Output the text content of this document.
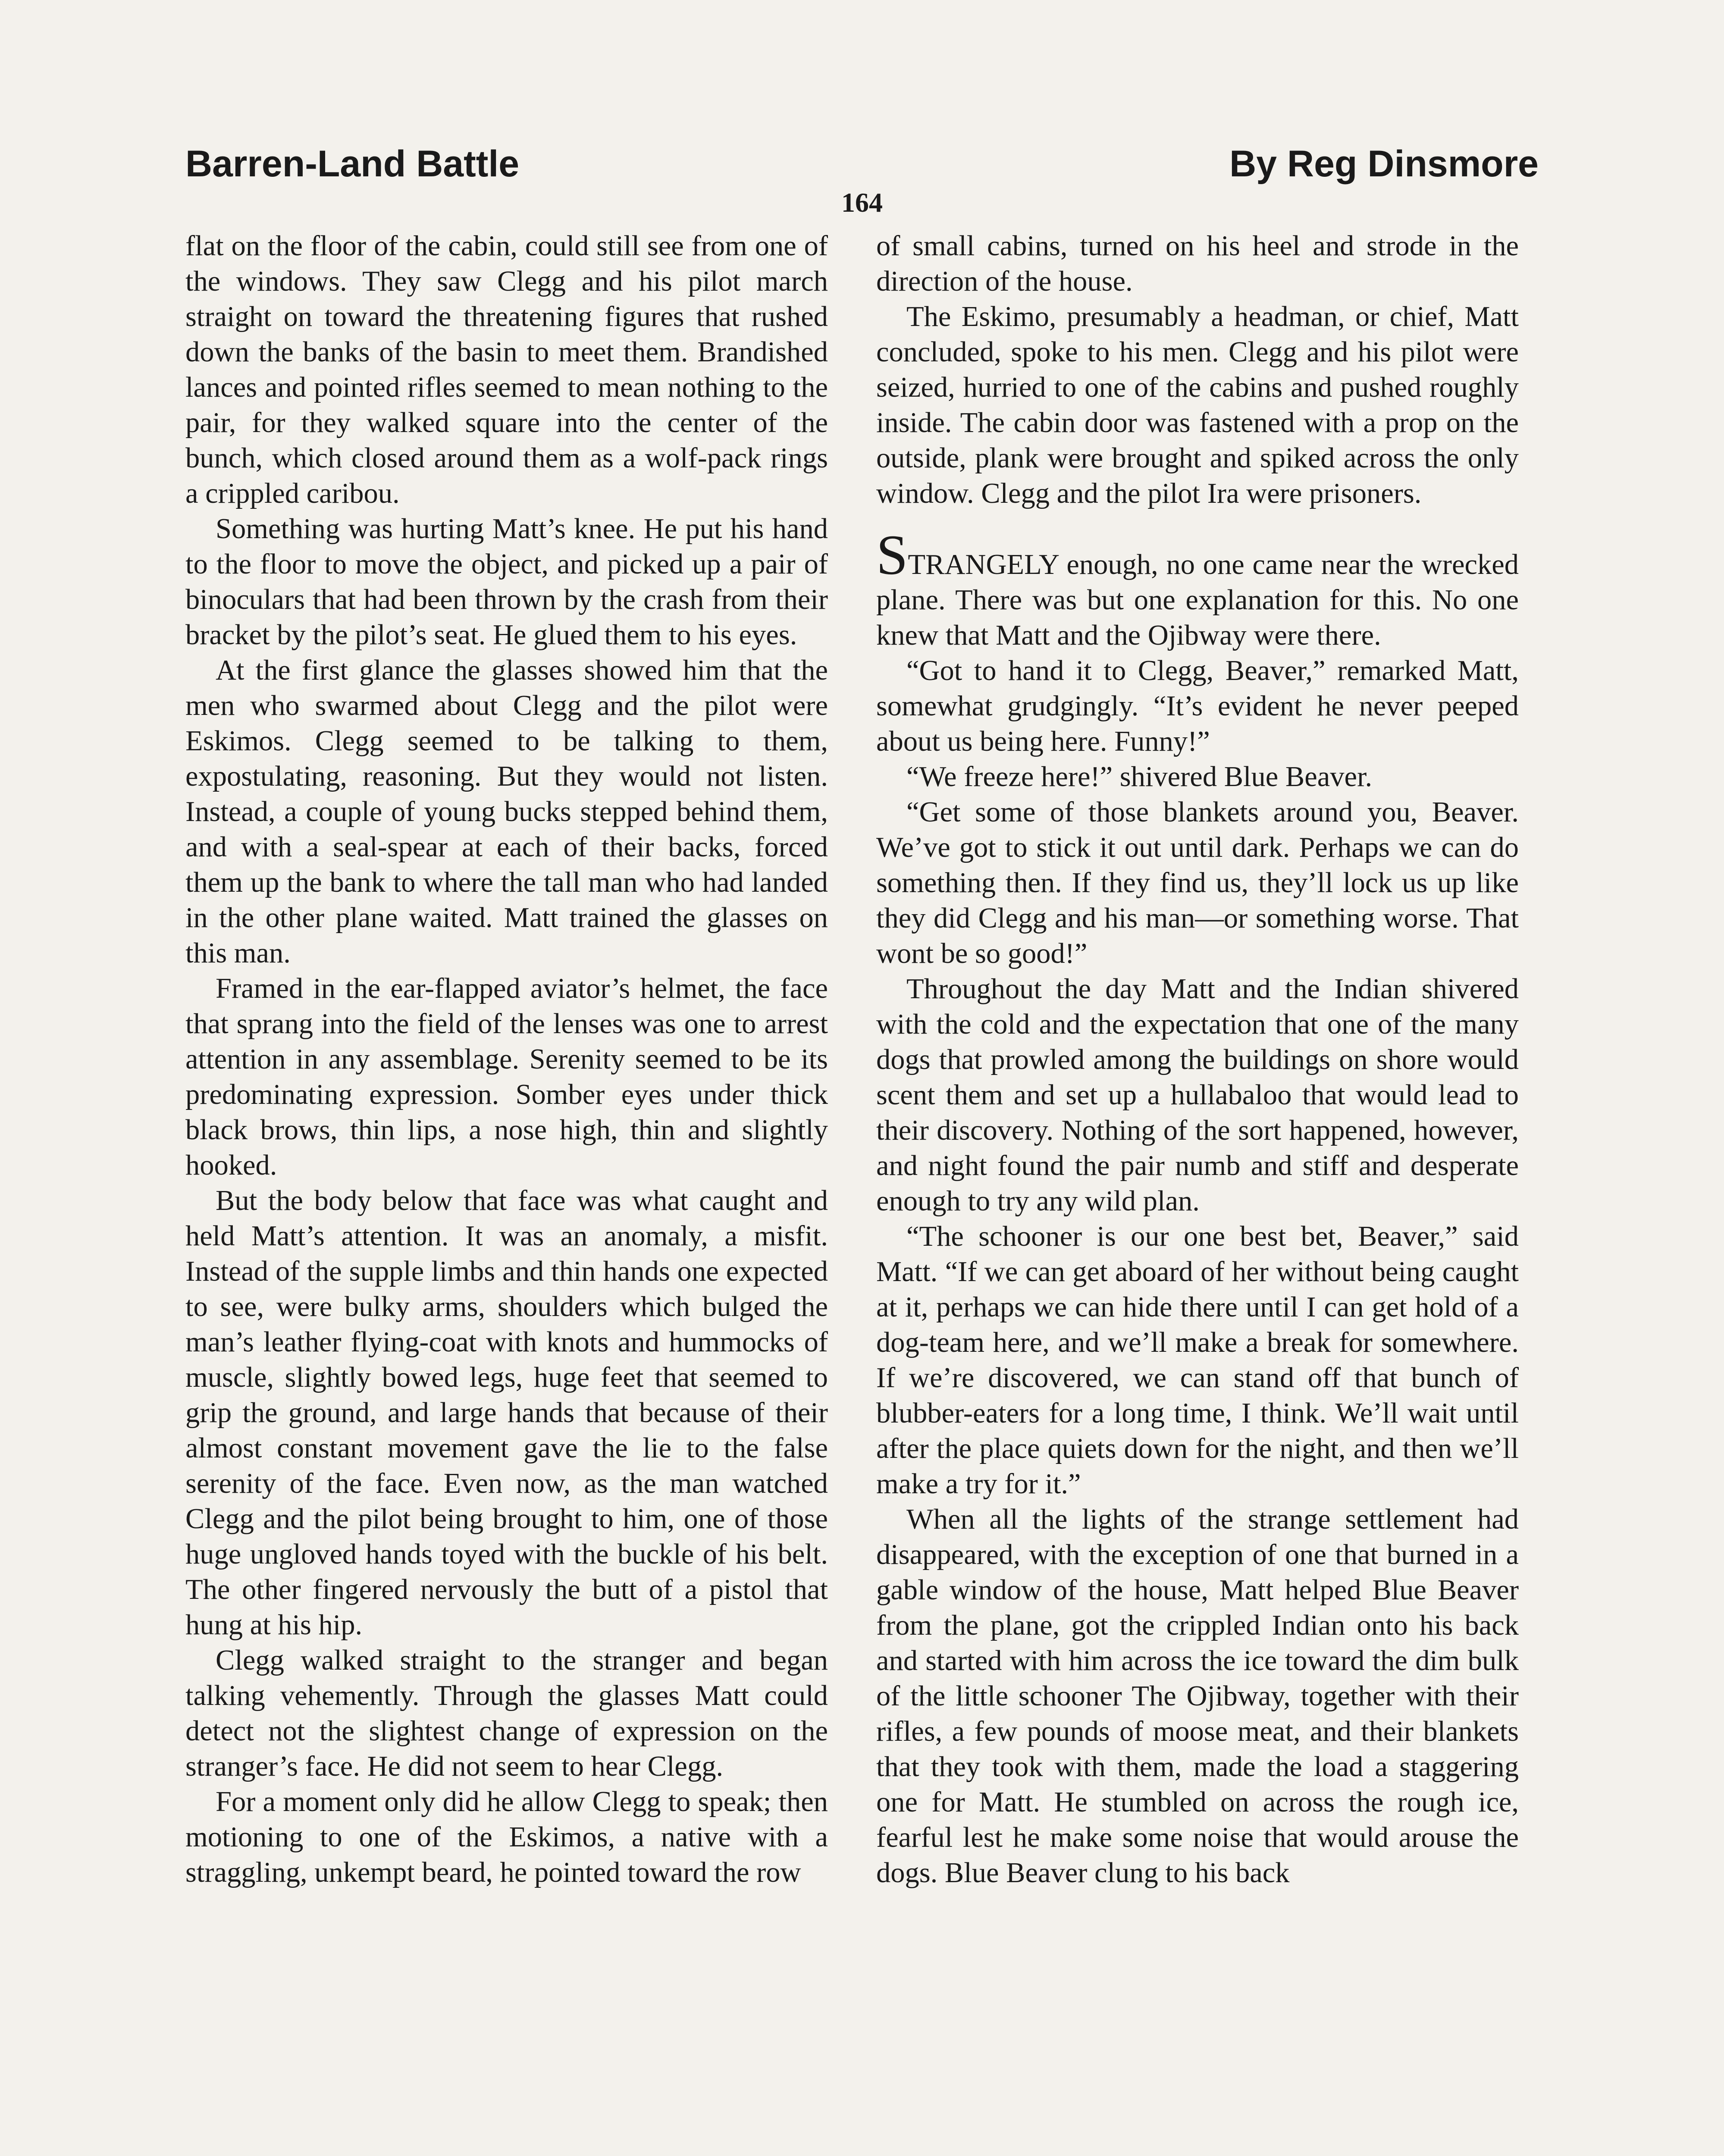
Barren-Land Battle	By Reg Dinsmore
164

flat on the floor of the cabin, could still see from one of the windows. They saw Clegg and his pilot march straight on toward the threatening figures that rushed down the banks of the basin to meet them. Brandished lances and pointed rifles seemed to mean nothing to the pair, for they walked square into the center of the bunch, which closed around them as a wolf-pack rings a crippled caribou.

Something was hurting Matt’s knee. He put his hand to the floor to move the object, and picked up a pair of binoculars that had been thrown by the crash from their bracket by the pilot’s seat. He glued them to his eyes.

At the first glance the glasses showed him that the men who swarmed about Clegg and the pilot were Eskimos. Clegg seemed to be talking to them, expostulating, reasoning. But they would not listen. Instead, a couple of young bucks stepped behind them, and with a seal-spear at each of their backs, forced them up the bank to where the tall man who had landed in the other plane waited. Matt trained the glasses on this man.

Framed in the ear-flapped aviator’s helmet, the face that sprang into the field of the lenses was one to arrest attention in any assemblage. Serenity seemed to be its predominating expression. Somber eyes under thick black brows, thin lips, a nose high, thin and slightly hooked.

But the body below that face was what caught and held Matt’s attention. It was an anomaly, a misfit. Instead of the supple limbs and thin hands one expected to see, were bulky arms, shoulders which bulged the man’s leather flying-coat with knots and hummocks of muscle, slightly bowed legs, huge feet that seemed to grip the ground, and large hands that because of their almost constant movement gave the lie to the false serenity of the face. Even now, as the man watched Clegg and the pilot being brought to him, one of those huge ungloved hands toyed with the buckle of his belt. The other fingered nervously the butt of a pistol that hung at his hip.

Clegg walked straight to the stranger and began talking vehemently. Through the glasses Matt could detect not the slightest change of expression on the stranger’s face. He did not seem to hear Clegg.

For a moment only did he allow Clegg to speak; then motioning to one of the Eskimos, a native with a straggling, unkempt beard, he pointed toward the row

of small cabins, turned on his heel and strode in the direction of the house.

The Eskimo, presumably a headman, or chief, Matt concluded, spoke to his men. Clegg and his pilot were seized, hurried to one of the cabins and pushed roughly inside. The cabin door was fastened with a prop on the outside, plank were brought and spiked across the only window. Clegg and the pilot Ira were prisoners.

STRANGELY enough, no one came near the wrecked plane. There was but one explanation for this. No one knew that Matt and the Ojibway were there.

“Got to hand it to Clegg, Beaver,” remarked Matt, somewhat grudgingly. “It’s evident he never peeped about us being here. Funny!”

“We freeze here!” shivered Blue Beaver.

“Get some of those blankets around you, Beaver. We’ve got to stick it out until dark. Perhaps we can do something then. If they find us, they’ll lock us up like they did Clegg and his man—or something worse. That wont be so good!”

Throughout the day Matt and the Indian shivered with the cold and the expectation that one of the many dogs that prowled among the buildings on shore would scent them and set up a hullabaloo that would lead to their discovery. Nothing of the sort happened, however, and night found the pair numb and stiff and desperate enough to try any wild plan.

“The schooner is our one best bet, Beaver,” said Matt. “If we can get aboard of her without being caught at it, perhaps we can hide there until I can get hold of a dog-team here, and we’ll make a break for somewhere. If we’re discovered, we can stand off that bunch of blubber-eaters for a long time, I think. We’ll wait until after the place quiets down for the night, and then we’ll make a try for it.”

When all the lights of the strange settlement had disappeared, with the exception of one that burned in a gable window of the house, Matt helped Blue Beaver from the plane, got the crippled Indian onto his back and started with him across the ice toward the dim bulk of the little schooner The Ojibway, together with their rifles, a few pounds of moose meat, and their blankets that they took with them, made the load a staggering one for Matt. He stumbled on across the rough ice, fearful lest he make some noise that would arouse the dogs. Blue Beaver clung to his back
